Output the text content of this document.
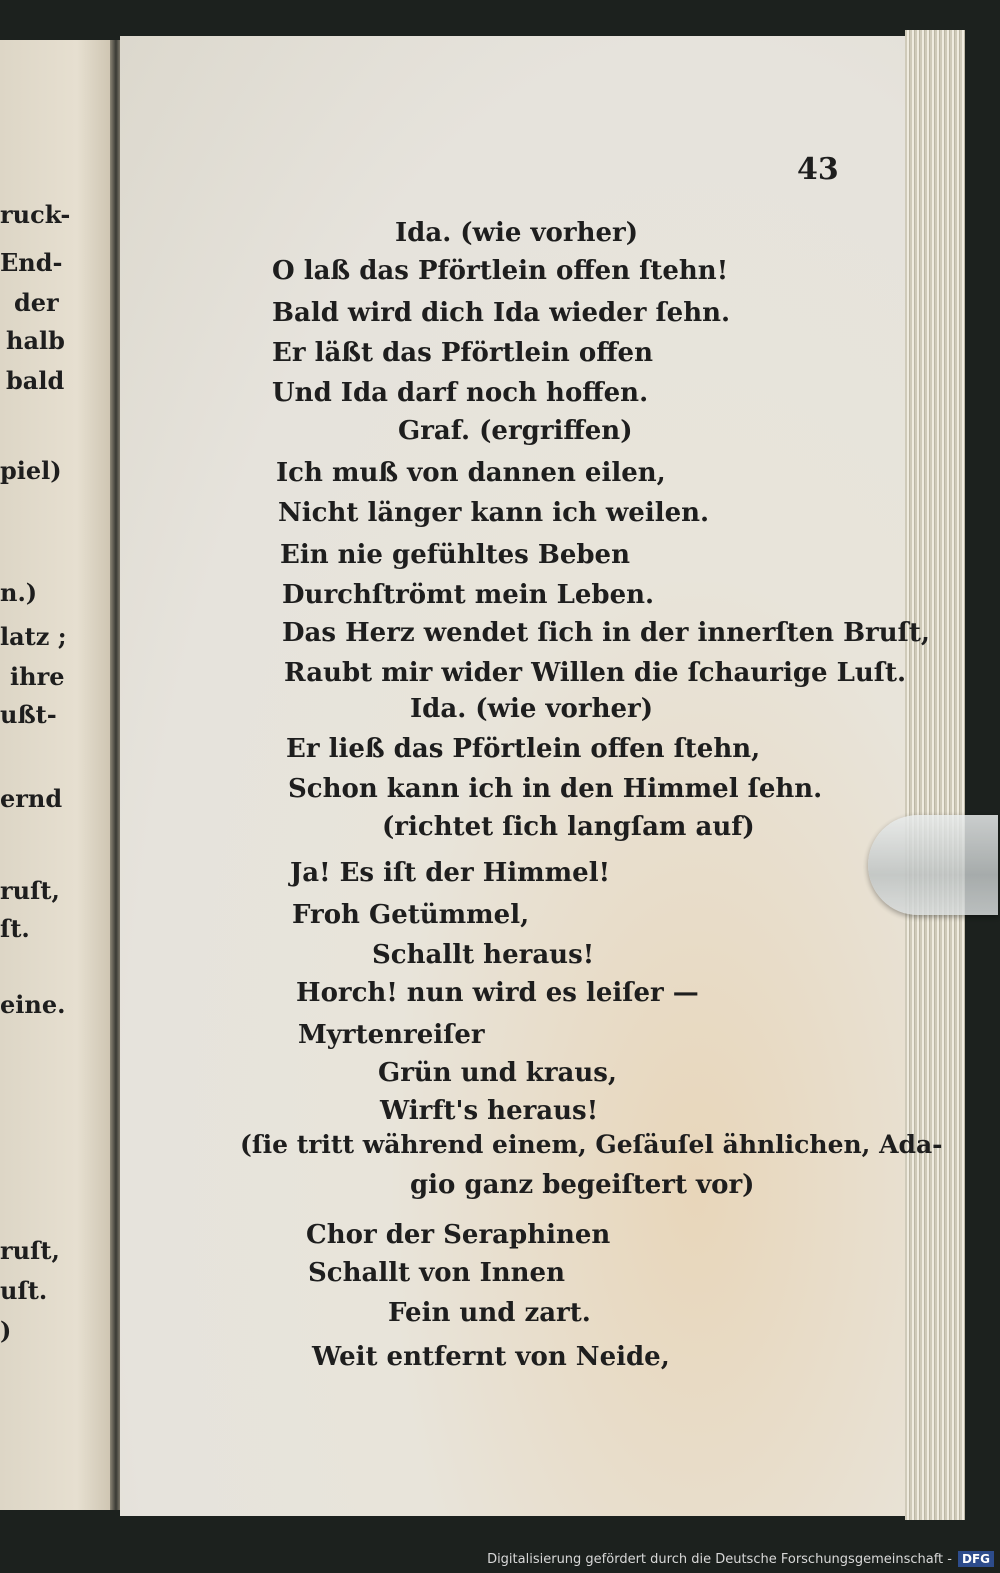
ruck-
End-
der
halb
bald
piel)
n.)
latz ;
ihre
ußt-
ernd
ruſt,
ſt.
eine.
ruſt,
uſt.
)
43
Ida. (wie vorher)
O laß das Pförtlein offen ſtehn!
Bald wird dich Ida wieder ſehn.
Er läßt das Pförtlein offen
Und Ida darf noch hoffen.
Graf. (ergriffen)
Ich muß von dannen eilen,
Nicht länger kann ich weilen.
Ein nie gefühltes Beben
Durchſtrömt mein Leben.
Das Herz wendet ſich in der innerſten Bruſt,
Raubt mir wider Willen die ſchaurige Luſt.
Ida. (wie vorher)
Er ließ das Pförtlein offen ſtehn,
Schon kann ich in den Himmel ſehn.
(richtet ſich langſam auf)
Ja! Es iſt der Himmel!
Froh Getümmel,
Schallt heraus!
Horch! nun wird es leiſer —
Myrtenreiſer
Grün und kraus,
Wirft's heraus!
(ſie tritt während einem, Geſäuſel ähnlichen, Ada-
gio ganz begeiſtert vor)
Chor der Seraphinen
Schallt von Innen
Fein und zart.
Weit entfernt von Neide,
Digitalisierung gefördert durch die Deutsche Forschungsgemeinschaft - DFG
